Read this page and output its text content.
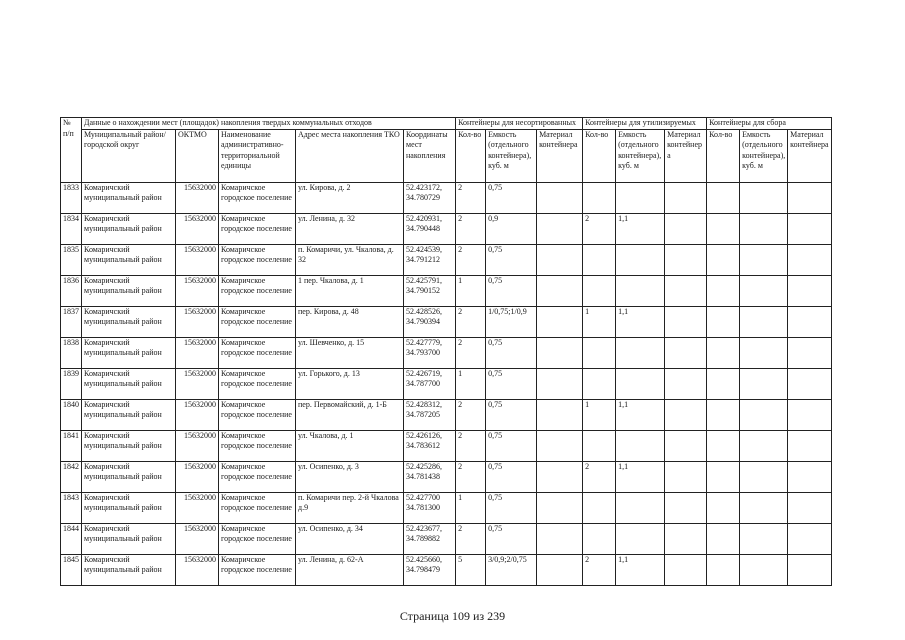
№
п/п	Данные о нахождении мест (площадок) накопления твердых коммунальных отходов					Контейнеры для несортированных			Контейнеры для утилизируемых			Контейнеры для сбора		
	Муниципальный район/городской округ	ОКТМО	Наименование административно-территориальной единицы	Адрес места накопления ТКО	Координаты мест накопления	Кол-во	Емкость (отдельного контейнера), куб. м	Материал контейнера	Кол-во	Емкость (отдельного контейнера), куб. м	Материал контейнер а	Кол-во	Емкость (отдельного контейнера), куб. м	Материал контейнера
1833	Комаричский муниципальный район	15632000	Комаричское городское поселение	ул. Кирова, д. 2	52.423172, 34.780729	2	0,75							
1834	Комаричский муниципальный район	15632000	Комаричское городское поселение	ул. Ленина, д. 32	52.420931, 34.790448	2	0,9		2	1,1				
1835	Комаричский муниципальный район	15632000	Комаричское городское поселение	п. Комаричи, ул. Чкалова, д. 32	52.424539, 34.791212	2	0,75							
1836	Комаричский муниципальный район	15632000	Комаричское городское поселение	1 пер. Чкалова, д. 1	52.425791, 34.790152	1	0,75							
1837	Комаричский муниципальный район	15632000	Комаричское городское поселение	пер. Кирова, д. 48	52.428526, 34.790394	2	1/0,75;1/0,9		1	1,1				
1838	Комаричский муниципальный район	15632000	Комаричское городское поселение	ул. Шевченко, д. 15	52.427779, 34.793700	2	0,75							
1839	Комаричский муниципальный район	15632000	Комаричское городское поселение	ул. Горького, д. 13	52.426719, 34.787700	1	0,75							
1840	Комаричский муниципальный район	15632000	Комаричское городское поселение	пер. Первомайский, д. 1-Б	52.428312, 34.787205	2	0,75		1	1,1				
1841	Комаричский муниципальный район	15632000	Комаричское городское поселение	ул. Чкалова, д. 1	52.426126, 34.783612	2	0,75							
1842	Комаричский муниципальный район	15632000	Комаричское городское поселение	ул. Осипенко, д. 3	52.425286, 34.781438	2	0,75		2	1,1				
1843	Комаричский муниципальный район	15632000	Комаричское городское поселение	п. Комаричи пер. 2-й Чкалова д.9	52.427700 34.781300	1	0,75							
1844	Комаричский муниципальный район	15632000	Комаричское городское поселение	ул. Осипенко, д. 34	52.423677, 34.789882	2	0,75							
1845	Комаричский муниципальный район	15632000	Комаричское городское поселение	ул. Ленина, д. 62-А	52.425660, 34.798479	5	3/0,9;2/0,75		2	1,1				
Страница 109 из 239
